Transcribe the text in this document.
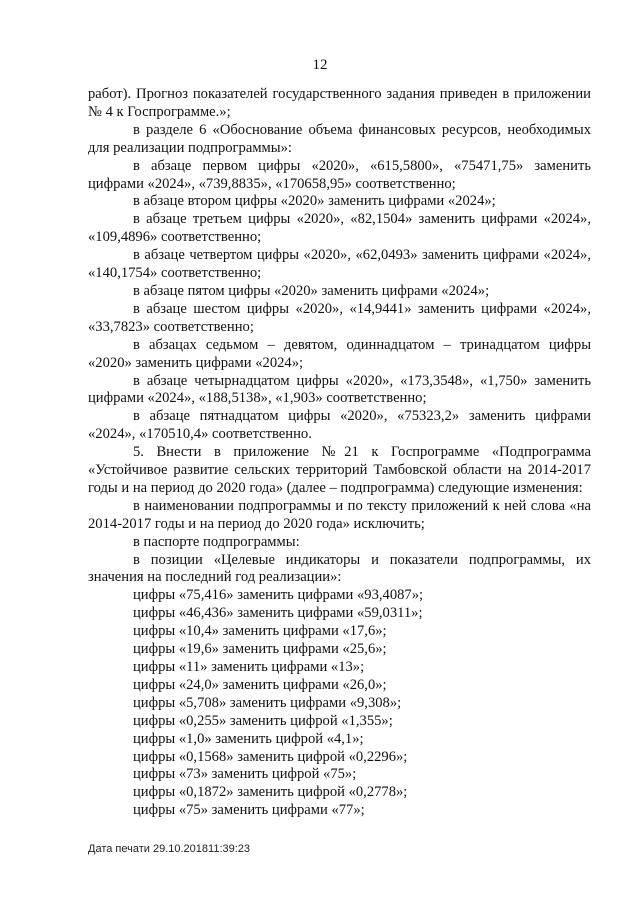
12

работ). Прогноз показателей государственного задания приведен в приложении № 4 к Госпрограмме.»;

в разделе 6 «Обоснование объема финансовых ресурсов, необходимых для реализации подпрограммы»:

в абзаце первом цифры «2020», «615,5800», «75471,75» заменить цифрами «2024», «739,8835», «170658,95» соответственно;

в абзаце втором цифры «2020» заменить цифрами «2024»;

в абзаце третьем цифры «2020», «82,1504» заменить цифрами «2024», «109,4896» соответственно;

в абзаце четвертом цифры «2020», «62,0493» заменить цифрами «2024», «140,1754» соответственно;

в абзаце пятом цифры «2020» заменить цифрами «2024»;

в абзаце шестом цифры «2020», «14,9441» заменить цифрами «2024», «33,7823» соответственно;

в абзацах седьмом – девятом, одиннадцатом – тринадцатом цифры «2020» заменить цифрами «2024»;

в абзаце четырнадцатом цифры «2020», «173,3548», «1,750» заменить цифрами «2024», «188,5138», «1,903» соответственно;

в абзаце пятнадцатом цифры «2020», «75323,2» заменить цифрами «2024», «170510,4» соответственно.

5. Внести в приложение №21 к Госпрограмме «Подпрограмма «Устойчивое развитие сельских территорий Тамбовской области на 2014-2017 годы и на период до 2020 года» (далее – подпрограмма) следующие изменения:

в наименовании подпрограммы и по тексту приложений к ней слова «на 2014-2017 годы и на период до 2020 года» исключить;

в паспорте подпрограммы:

в позиции «Целевые индикаторы и показатели подпрограммы, их значения на последний год реализации»:

цифры «75,416» заменить цифрами «93,4087»;

цифры «46,436» заменить цифрами «59,0311»;

цифры «10,4» заменить цифрами «17,6»;

цифры «19,6» заменить цифрами «25,6»;

цифры «11» заменить цифрами «13»;

цифры «24,0» заменить цифрами «26,0»;

цифры «5,708» заменить цифрами «9,308»;

цифры «0,255» заменить цифрой «1,355»;

цифры «1,0» заменить цифрой «4,1»;

цифры «0,1568» заменить цифрой «0,2296»;

цифры «73» заменить цифрой «75»;

цифры «0,1872» заменить цифрой «0,2778»;

цифры «75» заменить цифрами «77»;

Дата печати 29.10.201811:39:23
